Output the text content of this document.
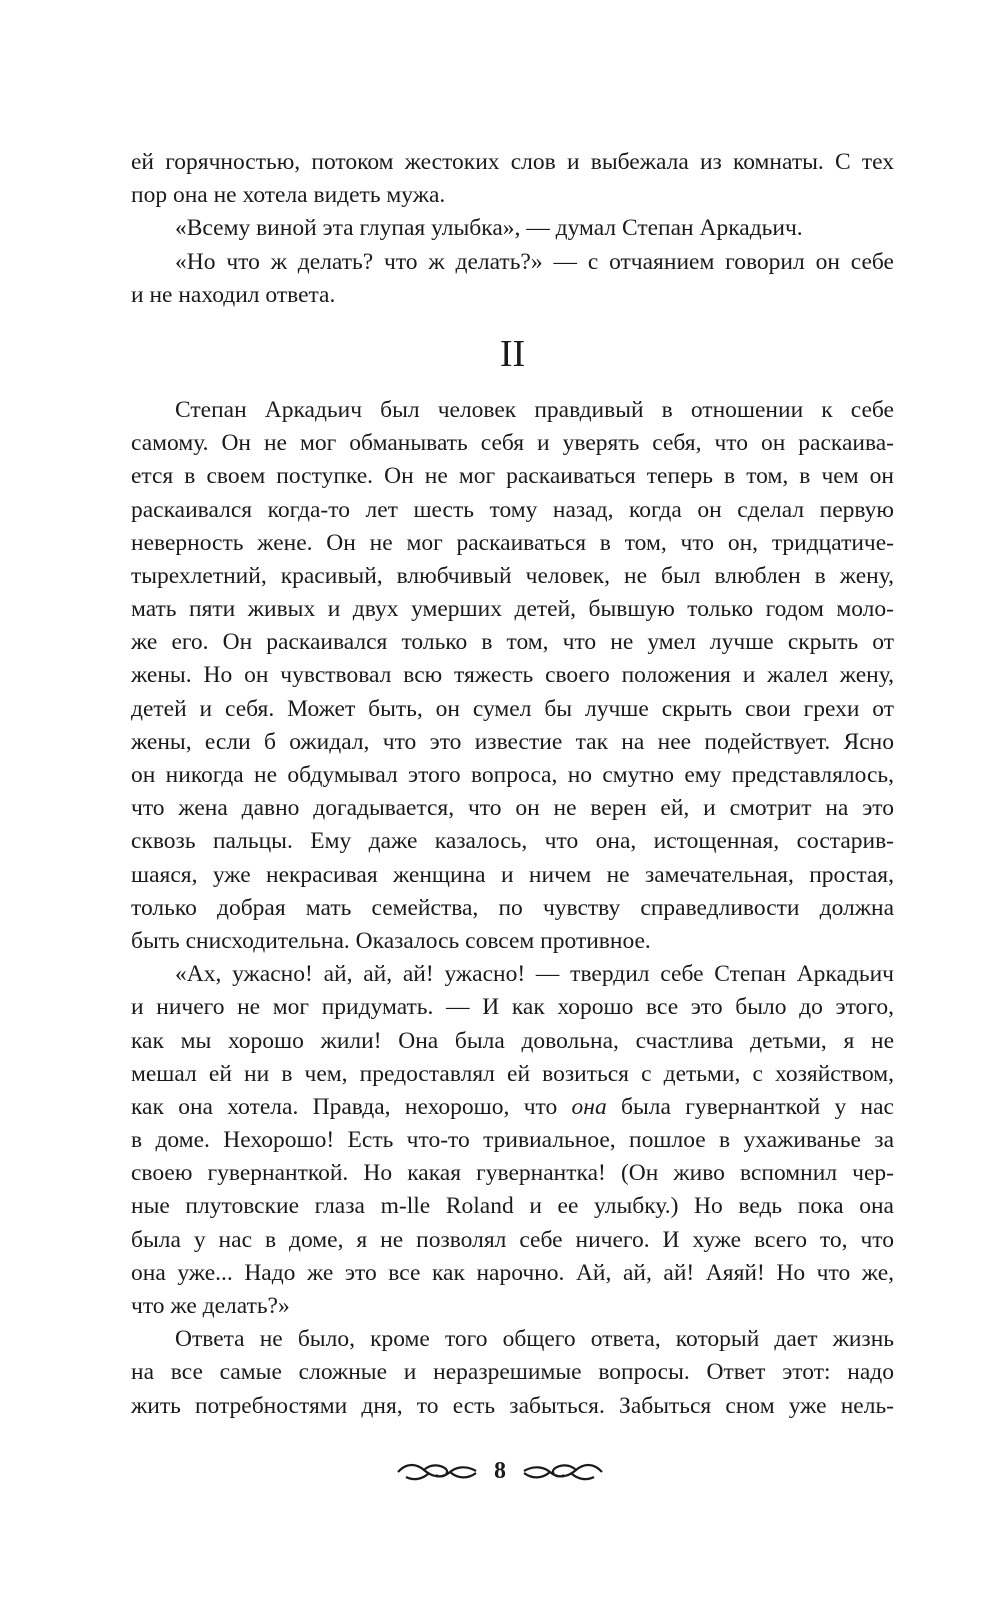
ей горячностью, потоком жестоких слов и выбежала из комнаты. С тех
пор она не хотела видеть мужа.
«Всему виной эта глупая улыбка», — думал Степан Аркадьич.
«Но что ж делать? что ж делать?» — с отчаянием говорил он себе
и не находил ответа.
II
Степан Аркадьич был человек правдивый в отношении к себе
самому. Он не мог обманывать себя и уверять себя, что он раскаива-
ется в своем поступке. Он не мог раскаиваться теперь в том, в чем он
раскаивался когда-то лет шесть тому назад, когда он сделал первую
неверность жене. Он не мог раскаиваться в том, что он, тридцатиче-
тырехлетний, красивый, влюбчивый человек, не был влюблен в жену,
мать пяти живых и двух умерших детей, бывшую только годом моло-
же его. Он раскаивался только в том, что не умел лучше скрыть от
жены. Но он чувствовал всю тяжесть своего положения и жалел жену,
детей и себя. Может быть, он сумел бы лучше скрыть свои грехи от
жены, если б ожидал, что это известие так на нее подействует. Ясно
он никогда не обдумывал этого вопроса, но смутно ему представлялось,
что жена давно догадывается, что он не верен ей, и смотрит на это
сквозь пальцы. Ему даже казалось, что она, истощенная, состарив-
шаяся, уже некрасивая женщина и ничем не замечательная, простая,
только добрая мать семейства, по чувству справедливости должна
быть снисходительна. Оказалось совсем противное.
«Ах, ужасно! ай, ай, ай! ужасно! — твердил себе Степан Аркадьич
и ничего не мог придумать. — И как хорошо все это было до этого,
как мы хорошо жили! Она была довольна, счастлива детьми, я не
мешал ей ни в чем, предоставлял ей возиться с детьми, с хозяйством,
как она хотела. Правда, нехорошо, что она была гувернанткой у нас
в доме. Нехорошо! Есть что-то тривиальное, пошлое в ухаживанье за
своею гувернанткой. Но какая гувернантка! (Он живо вспомнил чер-
ные плутовские глаза m-lle Roland и ее улыбку.) Но ведь пока она
была у нас в доме, я не позволял себе ничего. И хуже всего то, что
она уже... Надо же это все как нарочно. Ай, ай, ай! Аяяй! Но что же,
что же делать?»
Ответа не было, кроме того общего ответа, который дает жизнь
на все самые сложные и неразрешимые вопросы. Ответ этот: надо
жить потребностями дня, то есть забыться. Забыться сном уже нель-
8
